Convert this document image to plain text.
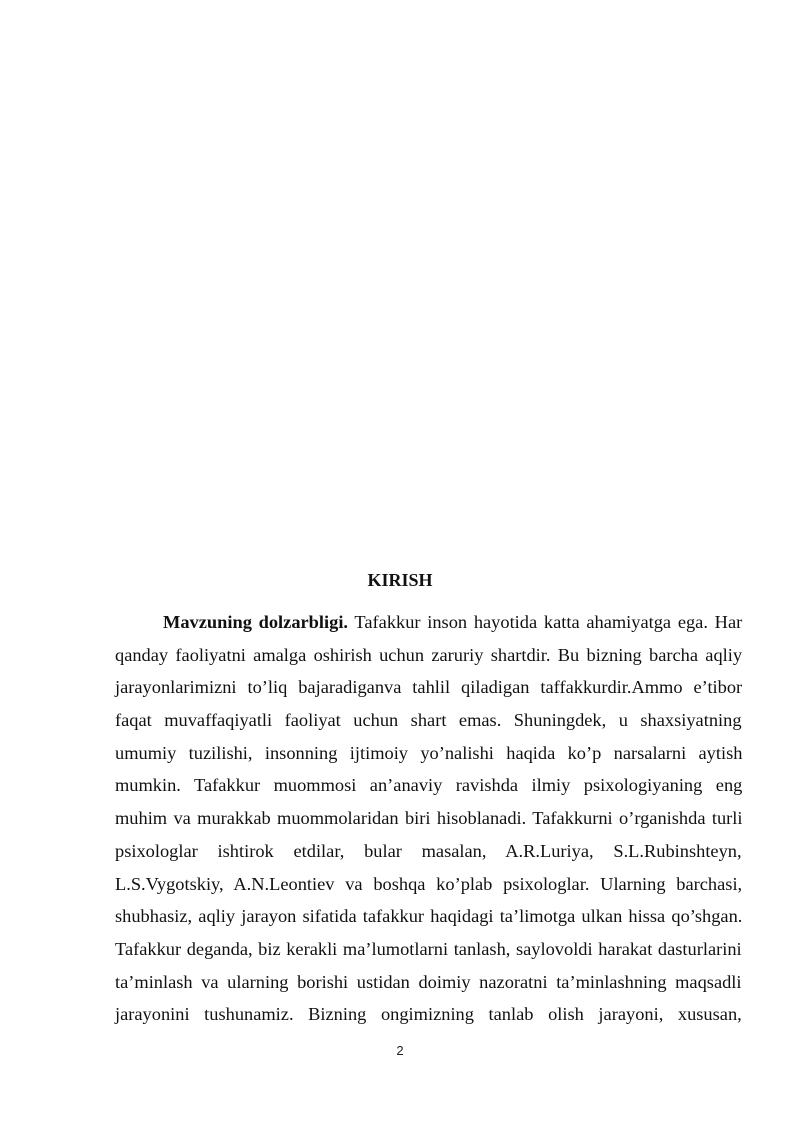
KIRISH
Mavzuning dolzarbligi. Tafakkur inson hayotida katta ahamiyatga ega. Har
qanday faoliyatni amalga oshirish uchun zaruriy shartdir. Bu bizning barcha aqliy
jarayonlarimizni to’liq bajaradiganva tahlil qiladigan taffakkurdir.Ammo e’tibor
faqat muvaffaqiyatli faoliyat uchun shart emas. Shuningdek, u shaxsiyatning
umumiy tuzilishi, insonning ijtimoiy yo’nalishi haqida ko’p narsalarni aytish
mumkin. Tafakkur muommosi an’anaviy ravishda ilmiy psixologiyaning eng
muhim va murakkab muommolaridan biri hisoblanadi. Tafakkurni o’rganishda turli
psixologlar ishtirok etdilar, bular masalan, A.R.Luriya, S.L.Rubinshteyn,
L.S.Vygotskiy, A.N.Leontiev va boshqa ko’plab psixologlar. Ularning barchasi,
shubhasiz, aqliy jarayon sifatida tafakkur haqidagi ta’limotga ulkan hissa qo’shgan.
Tafakkur deganda, biz kerakli ma’lumotlarni tanlash, saylovoldi harakat dasturlarini
ta’minlash va ularning borishi ustidan doimiy nazoratni ta’minlashning maqsadli
jarayonini tushunamiz. Bizning ongimizning tanlab olish jarayoni, xususan,
2
